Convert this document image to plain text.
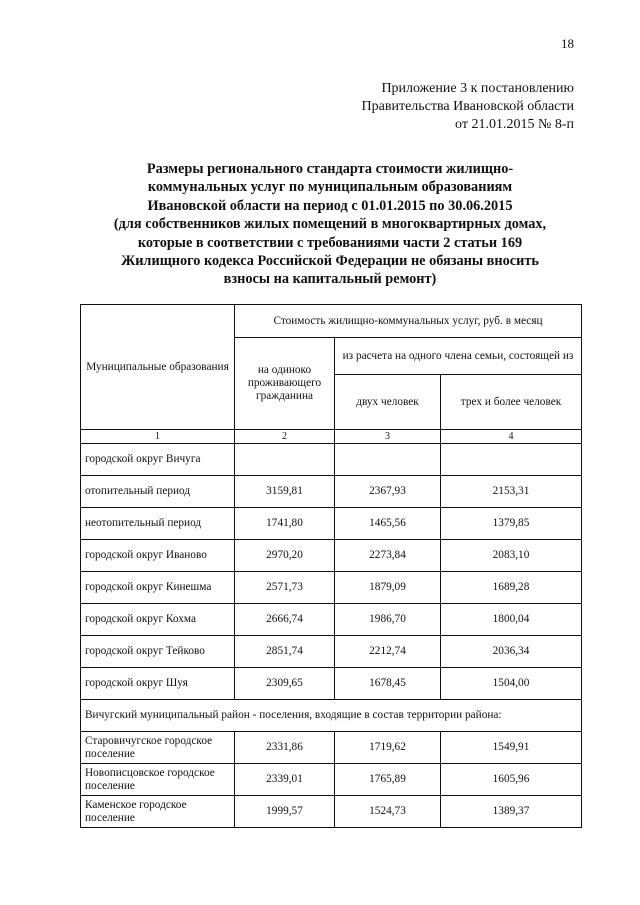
18
Приложение 3 к постановлению
Правительства Ивановской области
от 21.01.2015 № 8-п
Размеры регионального стандарта стоимости жилищно-
коммунальных услуг по муниципальным образованиям
Ивановской области на период с 01.01.2015 по 30.06.2015
(для собственников жилых помещений в многоквартирных домах,
которые в соответствии с требованиями части 2 статьи 169
Жилищного кодекса Российской Федерации не обязаны вносить
взносы на капитальный ремонт)
Муниципальные образования	Стоимость жилищно-коммунальных услуг, руб. в месяц		
	на одиноко проживающего гражданина	из расчета на одного члена семьи, состоящей из	
		двух человек	трех и более человек
1	2	3	4
городской округ Вичуга			
отопительный период	3159,81	2367,93	2153,31
неотопительный период	1741,80	1465,56	1379,85
городской округ Иваново	2970,20	2273,84	2083,10
городской округ Кинешма	2571,73	1879,09	1689,28
городской округ Кохма	2666,74	1986,70	1800,04
городской округ Тейково	2851,74	2212,74	2036,34
городской округ Шуя	2309,65	1678,45	1504,00
Вичугский муниципальный район - поселения, входящие в состав территории района:			
Старовичугское городское поселение	2331,86	1719,62	1549,91
Новописцовское городское поселение	2339,01	1765,89	1605,96
Каменское городское поселение	1999,57	1524,73	1389,37
